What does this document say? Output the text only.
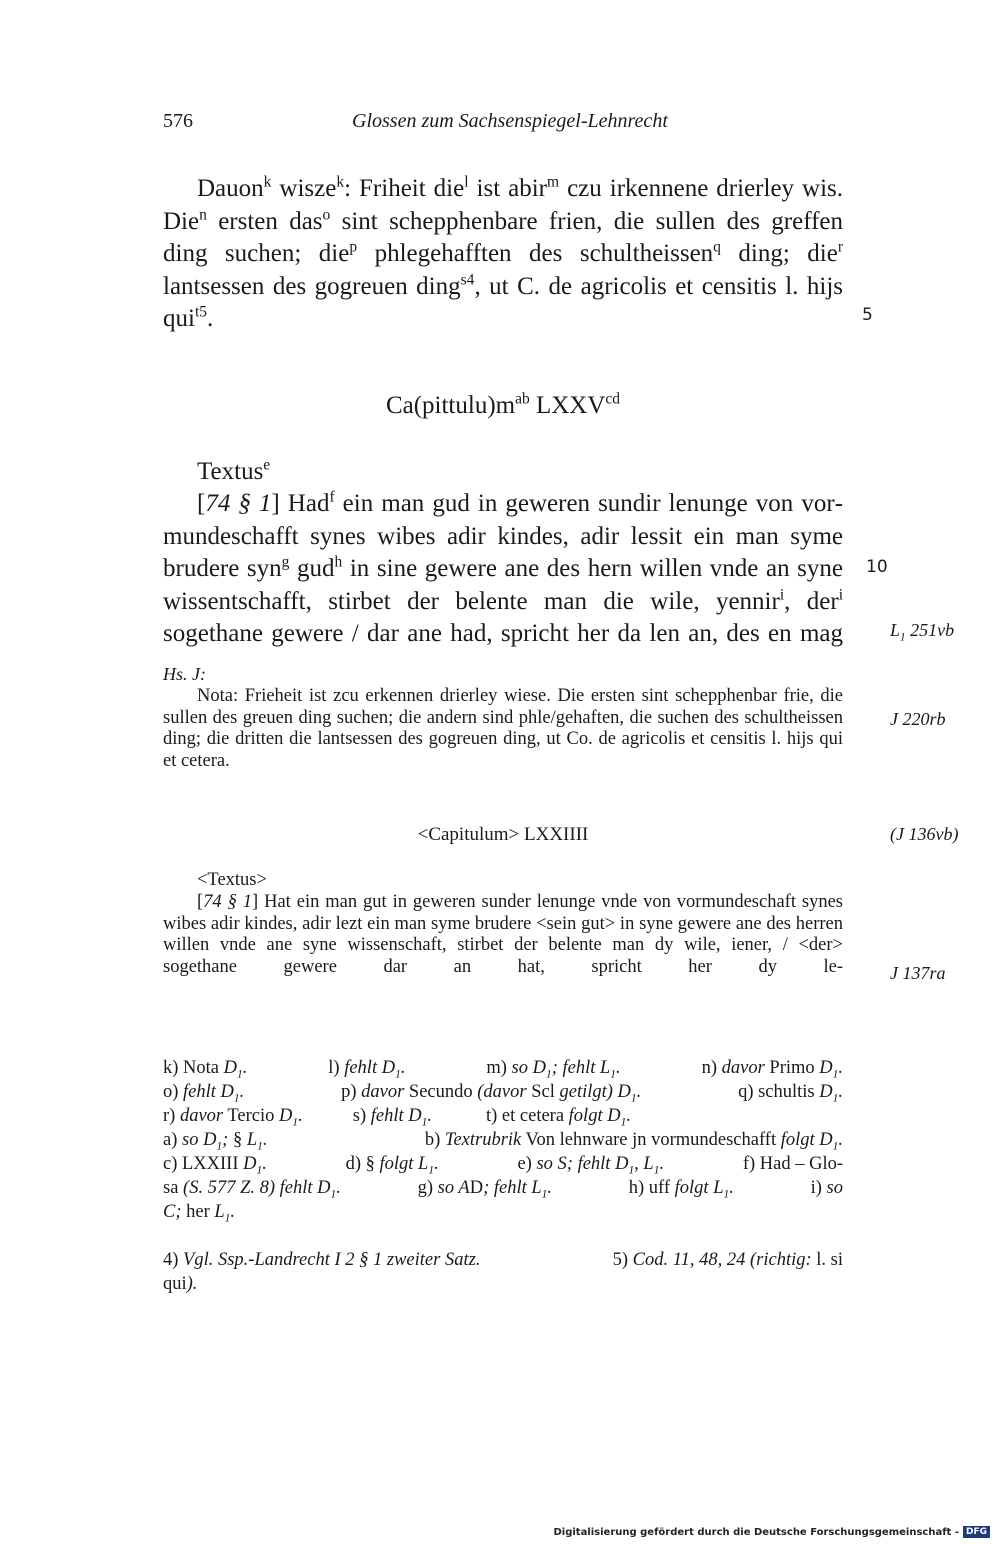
576	Glossen zum Sachsenspiegel-Lehnrecht

Dauon$^k$ wisze$^k$: Friheit die$^l$ ist abir$^m$ czu irkennene drierley wis. Die$^n$ ersten das$^o$ sint schepphenbare frien, die sullen des greffen ding suchen; die$^p$ phlegehafften des schultheissen$^q$ ding; die$^r$ lantsessen des gogreuen ding$^{s4}$, ut C. de agricolis et censitis l. hijs qui$^{t5}$.	5
$Ca(pittulu)m^{ab}$ $LXXV^{cd}$
Textus$^e$

[74 § 1] Had$^f$ ein man gud in geweren sundir lenunge von vormundeschafft synes wibes adir kindes, adir lessit ein man syme brudere syn$^g$ gud$^h$ in sine gewere ane des hern willen vnde an syne wissentschafft, stirbet der belente man die wile, yennir$^i$, der$^i$ sogethane gewere / dar ane had, spricht her da len an, des en mag

10
$L_1$ 251vb
Hs. J:

Nota: Frieheit ist zcu erkennen drierley wiese. Die ersten sint schepphenbar frie, die sullen des greuen ding suchen; die andern sind phle/gehaften, die suchen des schultheissen ding; die dritten die lantsessen des gogreuen ding, ut Co. de agricolis et censitis l. hijs qui et cetera.

J 220rb
<Capitulum> LXXIIII	(J 136vb)
<Textus>

[74 § 1] Hat ein man gut in geweren sunder lenunge vnde von vormundeschaft synes wibes adir kindes, adir lezt ein man syme brudere <sein gut> in syne gewere ane des herren willen vnde ane syne wissenschaft, stirbet der belente man dy wile, iener, / <der> sogethane gewere dar an hat, spricht her dy le-	J 137ra
k) Nota $D_1$.	l) fehlt $D_1$.	m) so $D_1$; fehlt $L_1$.	n) davor Primo $D_1$.
o) fehlt $D_1$.	p) davor Secundo (davor Scl getilgt) $D_1$.	q) schultis $D_1$.
r) davor Tercio $D_1$.	s) fehlt $D_1$.	t) et cetera folgt $D_1$.
a) so $D_1$; § $L_1$.	b) Textrubrik Von lehnware jn vormundeschafft folgt $D_1$.
c) LXXIII $D_1$.	d) § folgt $L_1$.	e) so S; fehlt $D_1$, $L_1$.	f) Had – Glo-
sa (S. 577 Z. 8) fehlt $D_1$.	g) so AD; fehlt $L_1$.	h) uff folgt $L_1$.	i) so
C; her $L_1$.
4) Vgl. Ssp.-Landrecht I 2 § 1 zweiter Satz.	5) Cod. 11, 48, 24 (richtig: l. si
qui).
Digitalisierung gefördert durch die Deutsche Forschungsgemeinschaft - DFG
